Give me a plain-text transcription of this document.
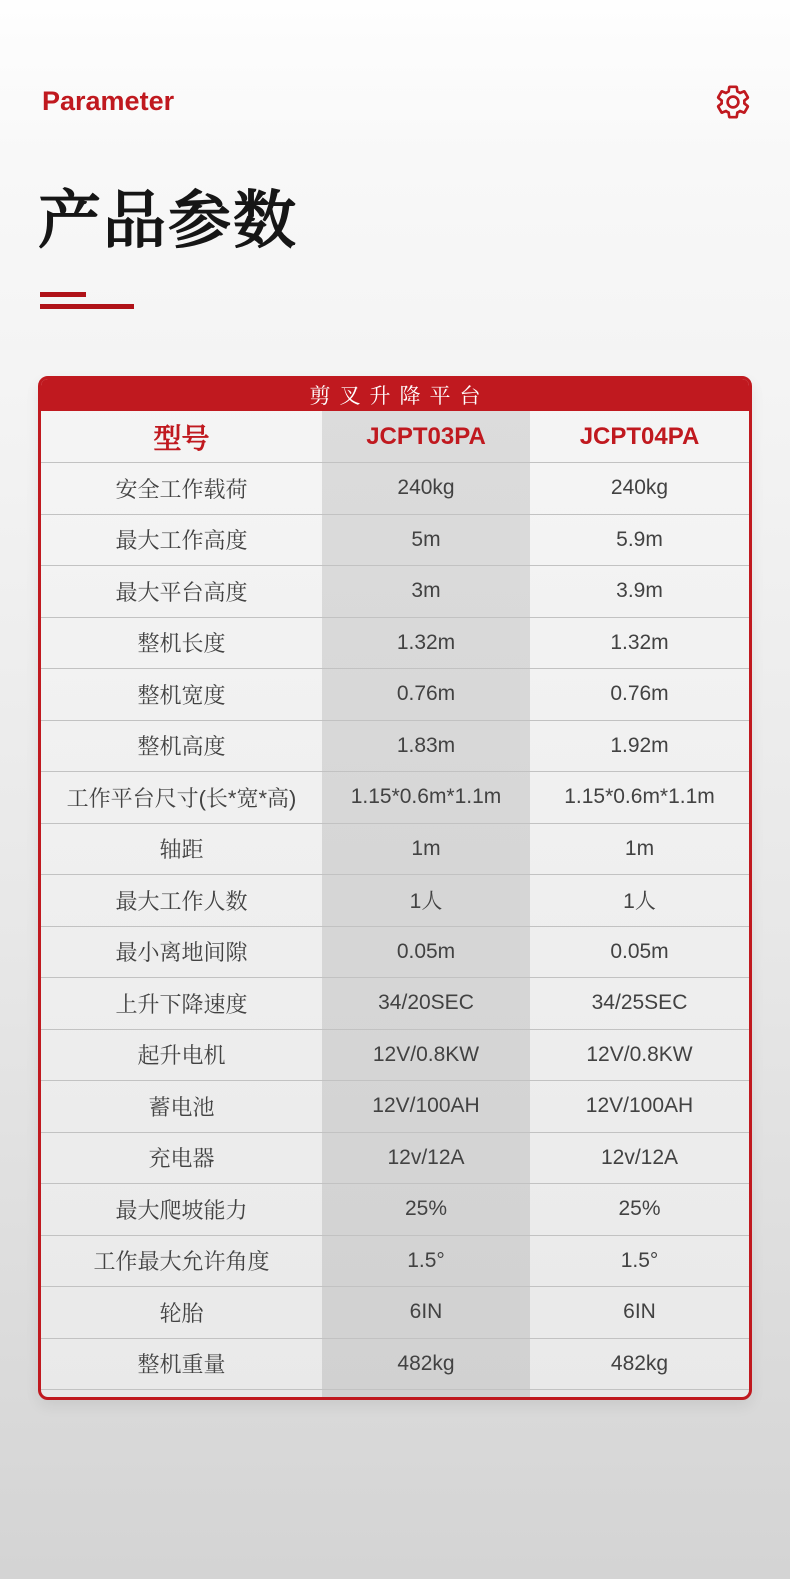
Parameter
产品参数
剪叉升降平台
型号	JCPT03PA	JCPT04PA
安全工作载荷	240kg	240kg
最大工作高度	5m	5.9m
最大平台高度	3m	3.9m
整机长度	1.32m	1.32m
整机宽度	0.76m	0.76m
整机高度	1.83m	1.92m
工作平台尺寸(长*宽*高)	1.15*0.6m*1.1m	1.15*0.6m*1.1m
轴距	1m	1m
最大工作人数	1人	1人
最小离地间隙	0.05m	0.05m
上升下降速度	34/20SEC	34/25SEC
起升电机	12V/0.8KW	12V/0.8KW
蓄电池	12V/100AH	12V/100AH
充电器	12v/12A	12v/12A
最大爬坡能力	25%	25%
工作最大允许角度	1.5°	1.5°
轮胎	6IN	6IN
整机重量	482kg	482kg
